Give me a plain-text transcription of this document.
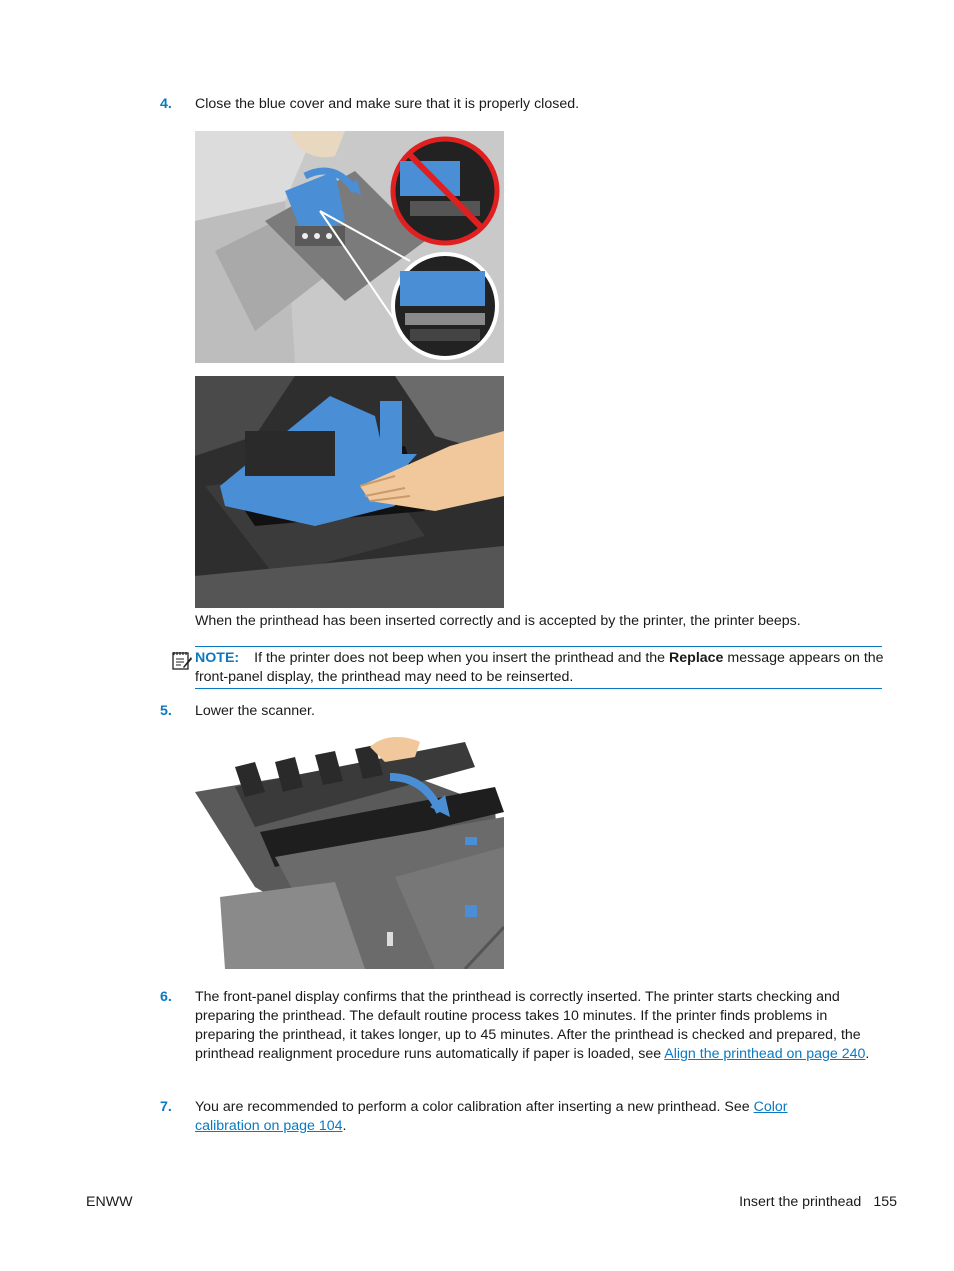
4. Close the blue cover and make sure that it is properly closed.
When the printhead has been inserted correctly and is accepted by the printer, the printer beeps.
NOTE: If the printer does not beep when you insert the printhead and the Replace message appears on the front-panel display, the printhead may need to be reinserted.
5. Lower the scanner.
6. The front-panel display confirms that the printhead is correctly inserted. The printer starts checking and preparing the printhead. The default routine process takes 10 minutes. If the printer finds problems in preparing the printhead, it takes longer, up to 45 minutes. After the printhead is checked and prepared, the printhead realignment procedure runs automatically if paper is loaded, see Align the printhead on page 240.
7. You are recommended to perform a color calibration after inserting a new printhead. See Color calibration on page 104.
ENWW	Insert the printhead 155
